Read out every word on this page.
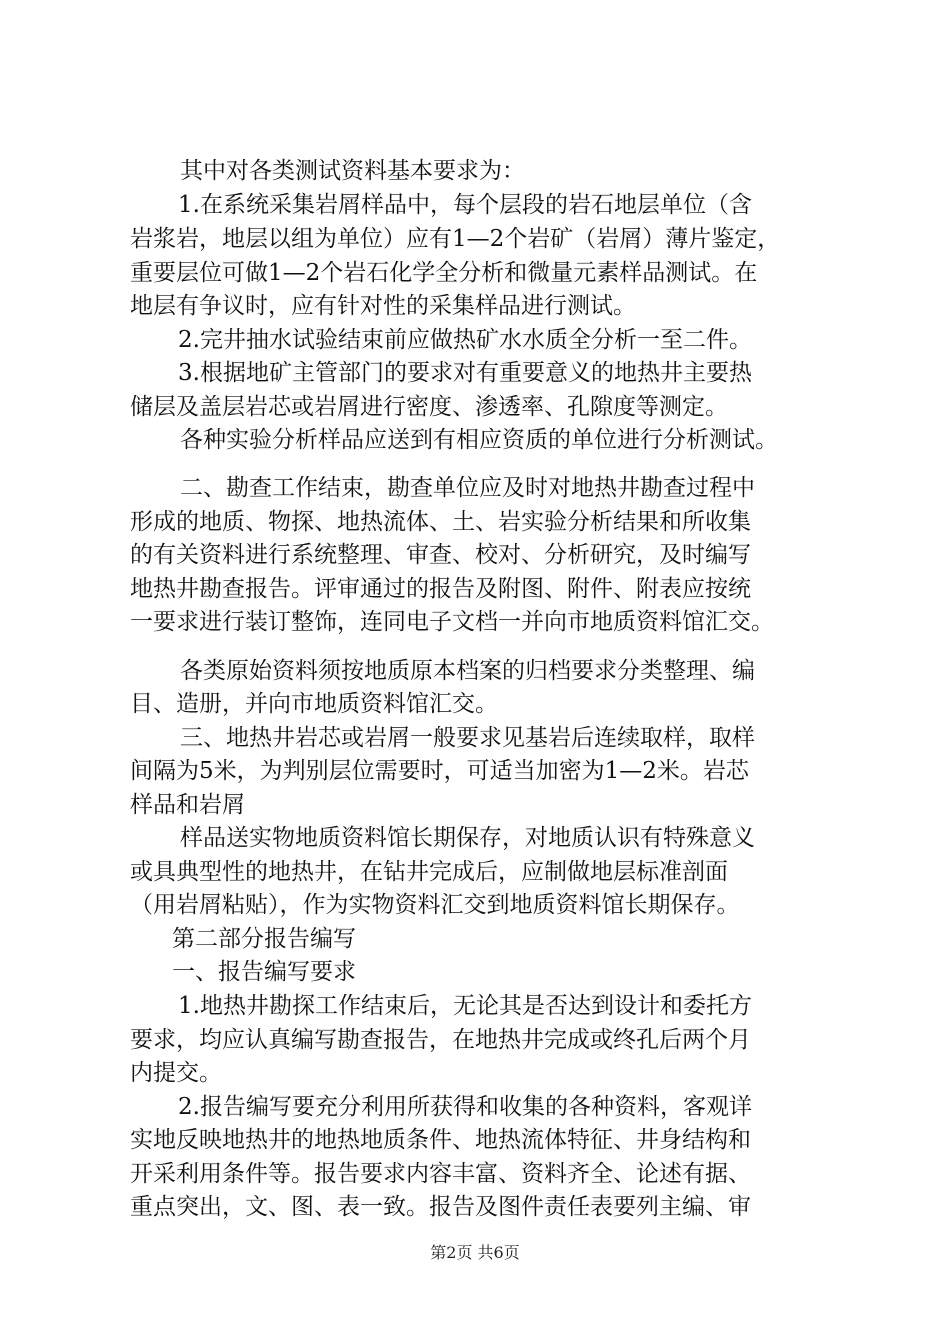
其中对各类测试资料基本要求为：
1.在系统采集岩屑样品中，每个层段的岩石地层单位（含
岩浆岩，地层以组为单位）应有1—2个岩矿（岩屑）薄片鉴定，
重要层位可做1—2个岩石化学全分析和微量元素样品测试。在
地层有争议时，应有针对性的采集样品进行测试。
2.完井抽水试验结束前应做热矿水水质全分析一至二件。
3.根据地矿主管部门的要求对有重要意义的地热井主要热
储层及盖层岩芯或岩屑进行密度、渗透率、孔隙度等测定。
各种实验分析样品应送到有相应资质的单位进行分析测试。
二、勘查工作结束，勘查单位应及时对地热井勘查过程中
形成的地质、物探、地热流体、土、岩实验分析结果和所收集
的有关资料进行系统整理、审查、校对、分析研究，及时编写
地热井勘查报告。评审通过的报告及附图、附件、附表应按统
一要求进行装订整饰，连同电子文档一并向市地质资料馆汇交。
各类原始资料须按地质原本档案的归档要求分类整理、编
目、造册，并向市地质资料馆汇交。
三、地热井岩芯或岩屑一般要求见基岩后连续取样，取样
间隔为5米，为判别层位需要时，可适当加密为1—2米。岩芯
样品和岩屑
样品送实物地质资料馆长期保存，对地质认识有特殊意义
或具典型性的地热井，在钻井完成后，应制做地层标准剖面
（用岩屑粘贴），作为实物资料汇交到地质资料馆长期保存。
第二部分报告编写
一、报告编写要求
1.地热井勘探工作结束后，无论其是否达到设计和委托方
要求，均应认真编写勘查报告，在地热井完成或终孔后两个月
内提交。
2.报告编写要充分利用所获得和收集的各种资料，客观详
实地反映地热井的地热地质条件、地热流体特征、井身结构和
开采利用条件等。报告要求内容丰富、资料齐全、论述有据、
重点突出，文、图、表一致。报告及图件责任表要列主编、审
第2页 共6页
